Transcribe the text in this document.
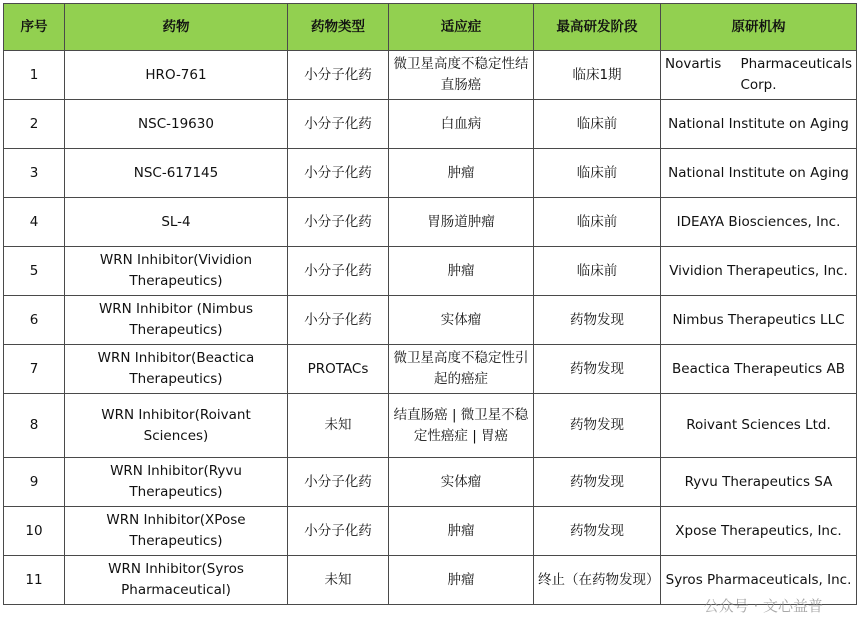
序号	药物	药物类型	适应症	最高研发阶段	原研机构
1	HRO-761	小分子化药	微卫星高度不稳定性结直肠癌	临床1期	Novartis Pharmaceuticals Corp.
2	NSC-19630	小分子化药	白血病	临床前	National Institute on Aging
3	NSC-617145	小分子化药	肿瘤	临床前	National Institute on Aging
4	SL-4	小分子化药	胃肠道肿瘤	临床前	IDEAYA Biosciences, Inc.
5	WRN Inhibitor(Vividion Therapeutics)	小分子化药	肿瘤	临床前	Vividion Therapeutics, Inc.
6	WRN Inhibitor (Nimbus Therapeutics)	小分子化药	实体瘤	药物发现	Nimbus Therapeutics LLC
7	WRN Inhibitor(Beactica Therapeutics)	PROTACs	微卫星高度不稳定性引起的癌症	药物发现	Beactica Therapeutics AB
8	WRN Inhibitor(Roivant Sciences)	未知	结直肠癌 | 微卫星不稳定性癌症 | 胃癌	药物发现	Roivant Sciences Ltd.
9	WRN Inhibitor(Ryvu Therapeutics)	小分子化药	实体瘤	药物发现	Ryvu Therapeutics SA
10	WRN Inhibitor(XPose Therapeutics)	小分子化药	肿瘤	药物发现	Xpose Therapeutics, Inc.
11	WRN Inhibitor(Syros Pharmaceutical)	未知	肿瘤	终止（在药物发现）	Syros Pharmaceuticals, Inc.
公众号 · 文心益普
